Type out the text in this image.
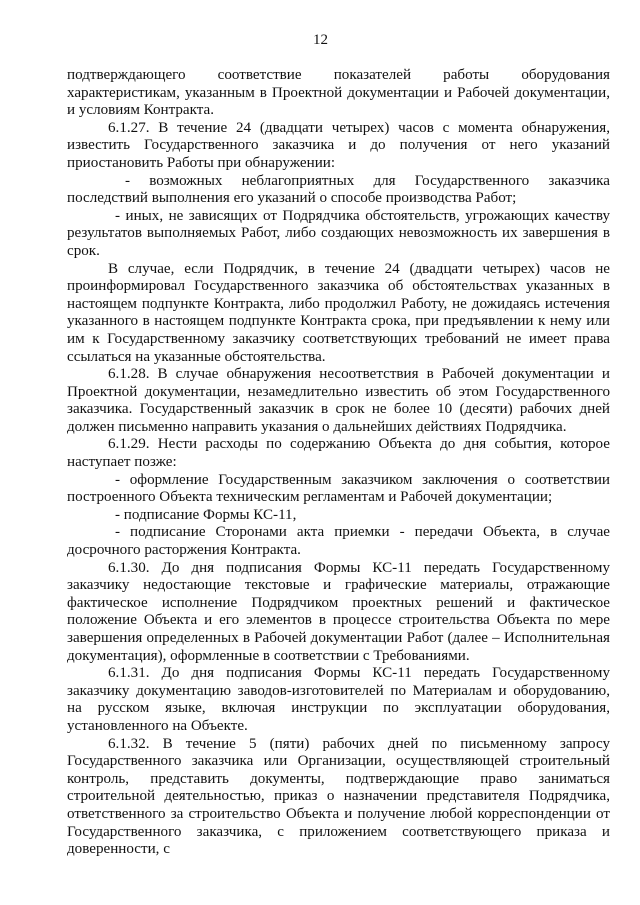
12

подтверждающего соответствие показателей работы оборудования характеристикам, указанным в Проектной документации и Рабочей документации, и условиям Контракта.

6.1.27. В течение 24 (двадцати четырех) часов с момента обнаружения, известить Государственного заказчика и до получения от него указаний приостановить Работы при обнаружении:

- возможных неблагоприятных для Государственного заказчика последствий выполнения его указаний о способе производства Работ;

- иных, не зависящих от Подрядчика обстоятельств, угрожающих качеству результатов выполняемых Работ, либо создающих невозможность их завершения в срок.

В случае, если Подрядчик, в течение 24 (двадцати четырех) часов не проинформировал Государственного заказчика об обстоятельствах указанных в настоящем подпункте Контракта, либо продолжил Работу, не дожидаясь истечения указанного в настоящем подпункте Контракта срока, при предъявлении к нему или им к Государственному заказчику соответствующих требований не имеет права ссылаться на указанные обстоятельства.

6.1.28. В случае обнаружения несоответствия в Рабочей документации и Проектной документации, незамедлительно известить об этом Государственного заказчика. Государственный заказчик в срок не более 10 (десяти) рабочих дней должен письменно направить указания о дальнейших действиях Подрядчика.

6.1.29. Нести расходы по содержанию Объекта до дня события, которое наступает позже:

- оформление Государственным заказчиком заключения о соответствии построенного Объекта техническим регламентам и Рабочей документации;

- подписание Формы КС-11,

- подписание Сторонами акта приемки - передачи Объекта, в случае досрочного расторжения Контракта.

6.1.30. До дня подписания Формы КС-11 передать Государственному заказчику недостающие текстовые и графические материалы, отражающие фактическое исполнение Подрядчиком проектных решений и фактическое положение Объекта и его элементов в процессе строительства Объекта по мере завершения определенных в Рабочей документации Работ (далее – Исполнительная документация), оформленные в соответствии с Требованиями.

6.1.31. До дня подписания Формы КС-11 передать Государственному заказчику документацию заводов-изготовителей по Материалам и оборудованию, на русском языке, включая инструкции по эксплуатации оборудования, установленного на Объекте.

6.1.32. В течение 5 (пяти) рабочих дней по письменному запросу Государственного заказчика или Организации, осуществляющей строительный контроль, представить документы, подтверждающие право заниматься строительной деятельностью, приказ о назначении представителя Подрядчика, ответственного за строительство Объекта и получение любой корреспонденции от Государственного заказчика, с приложением соответствующего приказа и доверенности, с
